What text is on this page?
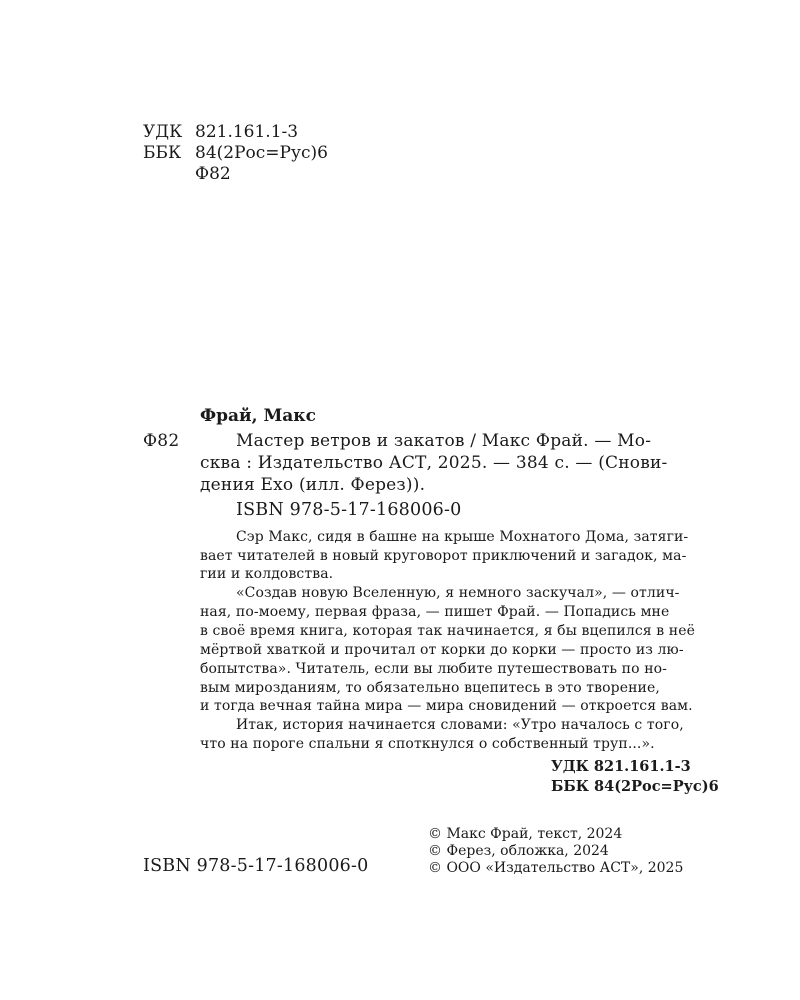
УДК 821.161.1-3
ББК 84(2Рос=Рус)6
Ф82
Фрай, Макс
Ф82	Мастер ветров и закатов / Макс Фрай. — Мо-
сква : Издательство АСТ, 2025. — 384 с. — (Снови-
дения Ехо (илл. Ферез)).
ISBN 978-5-17-168006-0
Сэр Макс, сидя в башне на крыше Мохнатого Дома, затяги-
вает читателей в новый круговорот приключений и загадок, ма-
гии и колдовства.
«Создав новую Вселенную, я немного заскучал», — отлич-
ная, по-моему, первая фраза, — пишет Фрай. — Попадись мне
в своё время книга, которая так начинается, я бы вцепился в неё
мёртвой хваткой и прочитал от корки до корки — просто из лю-
бопытства». Читатель, если вы любите путешествовать по но-
вым мирозданиям, то обязательно вцепитесь в это творение,
и тогда вечная тайна мира — мира сновидений — откроется вам.
Итак, история начинается словами: «Утро началось с того,
что на пороге спальни я споткнулся о собственный труп...».
УДК 821.161.1-3
ББК 84(2Рос=Рус)6
ISBN 978-5-17-168006-0
© Макс Фрай, текст, 2024
© Ферез, обложка, 2024
© ООО «Издательство АСТ», 2025
